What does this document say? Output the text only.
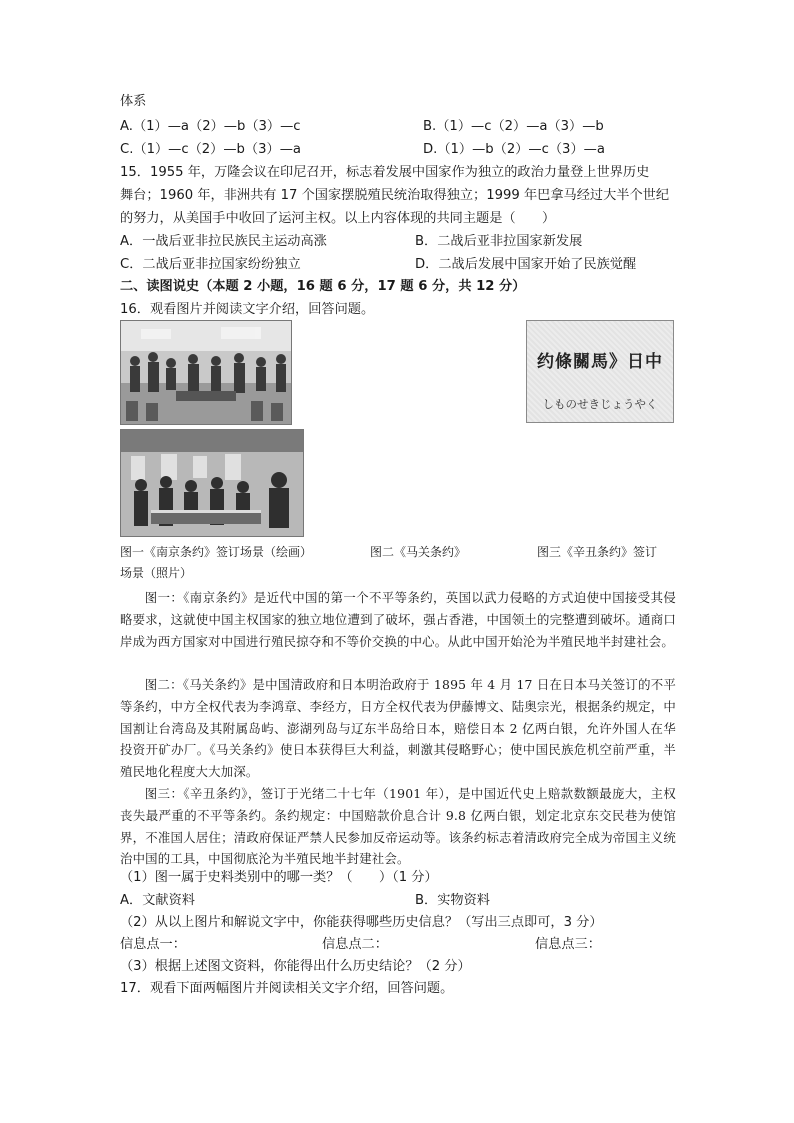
体系
A.（1）—a（2）—b（3）—c	B.（1）—c（2）—a（3）—b
C.（1）—c（2）—b（3）—a	D.（1）—b（2）—c（3）—a
15．1955 年，万隆会议在印尼召开，标志着发展中国家作为独立的政治力量登上世界历史
舞台；1960 年，非洲共有 17 个国家摆脱殖民统治取得独立；1999 年巴拿马经过大半个世纪
的努力，从美国手中收回了运河主权。以上内容体现的共同主题是（　　）
A．一战后亚非拉民族民主运动高涨	B．二战后亚非拉国家新发展
C．二战后亚非拉国家纷纷独立	D．二战后发展中国家开始了民族觉醒
二、读图说史（本题 2 小题，16 题 6 分，17 题 6 分，共 12 分）
16．观看图片并阅读文字介绍，回答问题。
约條關馬》日中
しものせきじょうやく
图一《南京条约》签订场景（绘画）	图二《马关条约》	图三《辛丑条约》签订
场景（照片）
图一：《南京条约》是近代中国的第一个不平等条约，英国以武力侵略的方式迫使中国接受其侵略要求，这就使中国主权国家的独立地位遭到了破坏，强占香港，中国领土的完整遭到破坏。通商口岸成为西方国家对中国进行殖民掠夺和不等价交换的中心。从此中国开始沦为半殖民地半封建社会。
图二：《马关条约》是中国清政府和日本明治政府于 1895 年 4 月 17 日在日本马关签订的不平等条约，中方全权代表为李鸿章、李经方，日方全权代表为伊藤博文、陆奥宗光，根据条约规定，中国割让台湾岛及其附属岛屿、澎湖列岛与辽东半岛给日本，赔偿日本 2 亿两白银，允许外国人在华投资开矿办厂。《马关条约》使日本获得巨大利益，刺激其侵略野心；使中国民族危机空前严重，半殖民地化程度大大加深。
图三：《辛丑条约》，签订于光绪二十七年（1901 年），是中国近代史上赔款数额最庞大，主权丧失最严重的不平等条约。条约规定：中国赔款价息合计 9.8 亿两白银，划定北京东交民巷为使馆界，不准国人居住；清政府保证严禁人民参加反帝运动等。该条约标志着清政府完全成为帝国主义统治中国的工具，中国彻底沦为半殖民地半封建社会。
（1）图一属于史料类别中的哪一类？（　　）（1 分）
A．文献资料	B．实物资料
（2）从以上图片和解说文字中，你能获得哪些历史信息？（写出三点即可，3 分）
信息点一：	信息点二：	信息点三：
（3）根据上述图文资料，你能得出什么历史结论？（2 分）
17．观看下面两幅图片并阅读相关文字介绍，回答问题。
